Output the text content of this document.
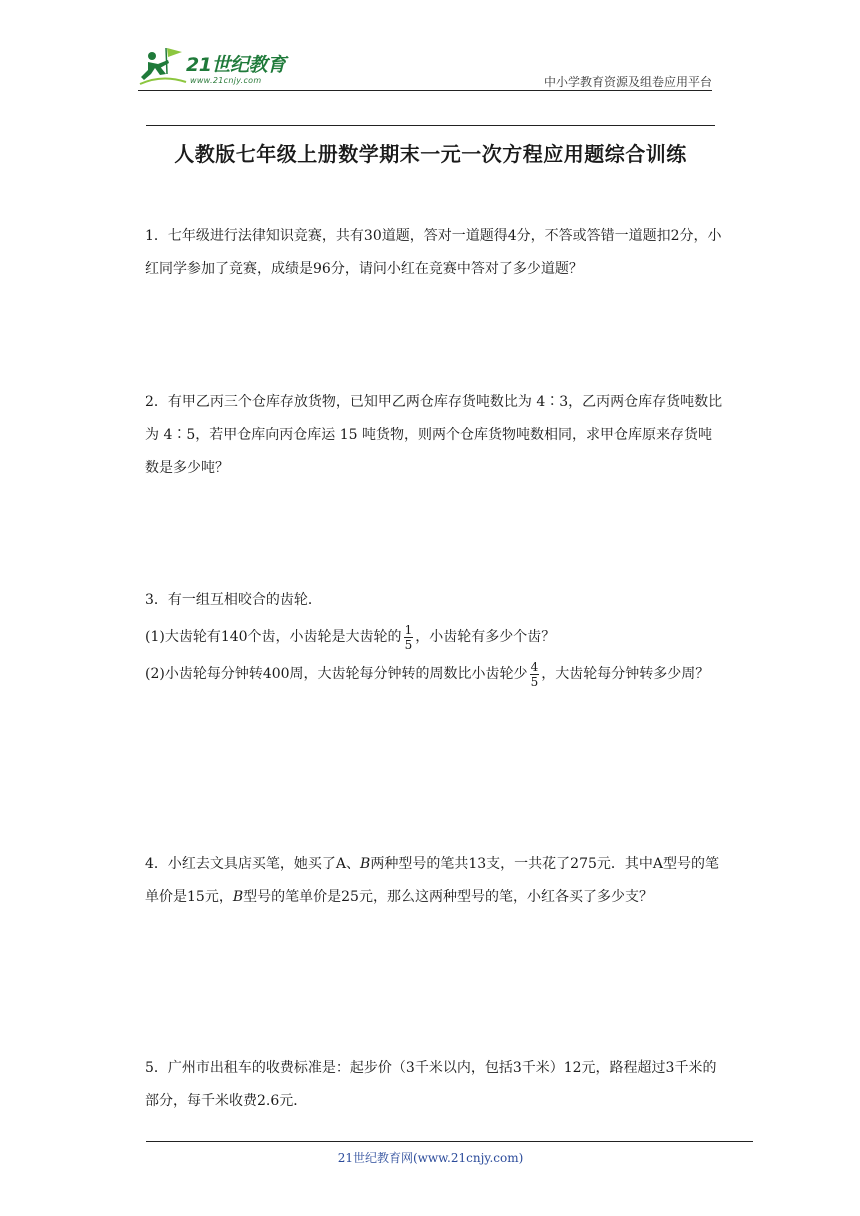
21世纪教育
www.21cnjy.com	中小学教育资源及组卷应用平台
人教版七年级上册数学期末一元一次方程应用题综合训练

1．七年级进行法律知识竞赛，共有30道题，答对一道题得4分，不答或答错一道题扣2分，小红同学参加了竞赛，成绩是96分，请问小红在竞赛中答对了多少道题？

2．有甲乙丙三个仓库存放货物，已知甲乙两仓库存货吨数比为 4∶3，乙丙两仓库存货吨数比为 4∶5，若甲仓库向丙仓库运 15 吨货物，则两个仓库货物吨数相同，求甲仓库原来存货吨数是多少吨？

3．有一组互相咬合的齿轮．

(1)大齿轮有140个齿，小齿轮是大齿轮的 $\frac{1}{5}$ ，小齿轮有多少个齿？

(2)小齿轮每分钟转400周，大齿轮每分钟转的周数比小齿轮少 $\frac{4}{5}$ ，大齿轮每分钟转多少周？

4．小红去文具店买笔，她买了A、B两种型号的笔共13支，一共花了275元．其中A型号的笔单价是15元，B型号的笔单价是25元，那么这两种型号的笔，小红各买了多少支？

5．广州市出租车的收费标准是：起步价（3千米以内，包括3千米）12元，路程超过3千米的部分，每千米收费2.6元．

21世纪教育网(www.21cnjy.com)
